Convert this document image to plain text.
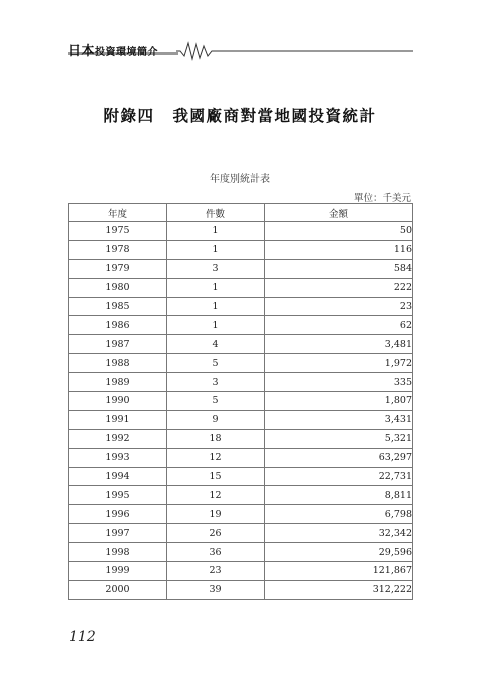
日本 投資環境簡介
附錄四 我國廠商對當地國投資統計
年度別統計表
單位：千美元
年度	件數	金額
1975	1	50
1978	1	116
1979	3	584
1980	1	222
1985	1	23
1986	1	62
1987	4	3,481
1988	5	1,972
1989	3	335
1990	5	1,807
1991	9	3,431
1992	18	5,321
1993	12	63,297
1994	15	22,731
1995	12	8,811
1996	19	6,798
1997	26	32,342
1998	36	29,596
1999	23	121,867
2000	39	312,222
112
